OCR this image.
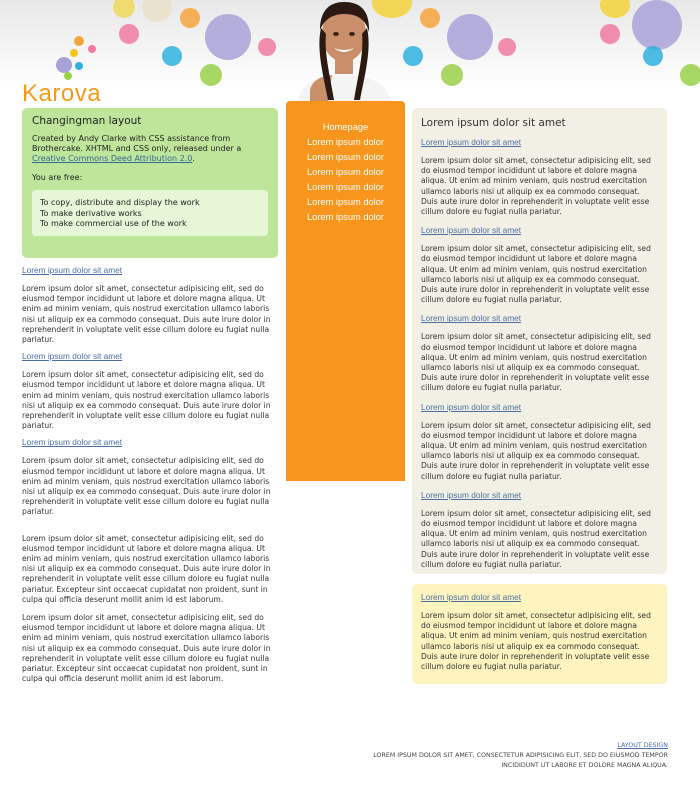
Karova
Changingman layout

Created by Andy Clarke with CSS assistance from Brothercake. XHTML and CSS only, released under a Creative Commons Deed Attribution 2.0.

You are free:

To copy, distribute and display the work
To make derivative works
To make commercial use of the work
Lorem ipsum dolor sit amet

Lorem ipsum dolor sit amet, consectetur adipisicing elit, sed do eiusmod tempor incididunt ut labore et dolore magna aliqua. Ut enim ad minim veniam, quis nostrud exercitation ullamco laboris nisi ut aliquip ex ea commodo consequat. Duis aute irure dolor in reprehenderit in voluptate velit esse cillum dolore eu fugiat nulla pariatur.

Lorem ipsum dolor sit amet

Lorem ipsum dolor sit amet, consectetur adipisicing elit, sed do eiusmod tempor incididunt ut labore et dolore magna aliqua. Ut enim ad minim veniam, quis nostrud exercitation ullamco laboris nisi ut aliquip ex ea commodo consequat. Duis aute irure dolor in reprehenderit in voluptate velit esse cillum dolore eu fugiat nulla pariatur.

Lorem ipsum dolor sit amet

Lorem ipsum dolor sit amet, consectetur adipisicing elit, sed do eiusmod tempor incididunt ut labore et dolore magna aliqua. Ut enim ad minim veniam, quis nostrud exercitation ullamco laboris nisi ut aliquip ex ea commodo consequat. Duis aute irure dolor in reprehenderit in voluptate velit esse cillum dolore eu fugiat nulla pariatur.

Lorem ipsum dolor sit amet, consectetur adipisicing elit, sed do eiusmod tempor incididunt ut labore et dolore magna aliqua. Ut enim ad minim veniam, quis nostrud exercitation ullamco laboris nisi ut aliquip ex ea commodo consequat. Duis aute irure dolor in reprehenderit in voluptate velit esse cillum dolore eu fugiat nulla pariatur. Excepteur sint occaecat cupidatat non proident, sunt in culpa qui officia deserunt mollit anim id est laborum.

Lorem ipsum dolor sit amet, consectetur adipisicing elit, sed do eiusmod tempor incididunt ut labore et dolore magna aliqua. Ut enim ad minim veniam, quis nostrud exercitation ullamco laboris nisi ut aliquip ex ea commodo consequat. Duis aute irure dolor in reprehenderit in voluptate velit esse cillum dolore eu fugiat nulla pariatur. Excepteur sint occaecat cupidatat non proident, sunt in culpa qui officia deserunt mollit anim id est laborum.

Homepage
Lorem ipsum dolor
Lorem ipsum dolor
Lorem ipsum dolor
Lorem ipsum dolor
Lorem ipsum dolor
Lorem ipsum dolor
Lorem ipsum dolor sit amet
Lorem ipsum dolor sit amet

Lorem ipsum dolor sit amet, consectetur adipisicing elit, sed do eiusmod tempor incididunt ut labore et dolore magna aliqua. Ut enim ad minim veniam, quis nostrud exercitation ullamco laboris nisi ut aliquip ex ea commodo consequat. Duis aute irure dolor in reprehenderit in voluptate velit esse cillum dolore eu fugiat nulla pariatur.

Lorem ipsum dolor sit amet

Lorem ipsum dolor sit amet, consectetur adipisicing elit, sed do eiusmod tempor incididunt ut labore et dolore magna aliqua. Ut enim ad minim veniam, quis nostrud exercitation ullamco laboris nisi ut aliquip ex ea commodo consequat. Duis aute irure dolor in reprehenderit in voluptate velit esse cillum dolore eu fugiat nulla pariatur.

Lorem ipsum dolor sit amet

Lorem ipsum dolor sit amet, consectetur adipisicing elit, sed do eiusmod tempor incididunt ut labore et dolore magna aliqua. Ut enim ad minim veniam, quis nostrud exercitation ullamco laboris nisi ut aliquip ex ea commodo consequat. Duis aute irure dolor in reprehenderit in voluptate velit esse cillum dolore eu fugiat nulla pariatur.

Lorem ipsum dolor sit amet

Lorem ipsum dolor sit amet, consectetur adipisicing elit, sed do eiusmod tempor incididunt ut labore et dolore magna aliqua. Ut enim ad minim veniam, quis nostrud exercitation ullamco laboris nisi ut aliquip ex ea commodo consequat. Duis aute irure dolor in reprehenderit in voluptate velit esse cillum dolore eu fugiat nulla pariatur.

Lorem ipsum dolor sit amet

Lorem ipsum dolor sit amet, consectetur adipisicing elit, sed do eiusmod tempor incididunt ut labore et dolore magna aliqua. Ut enim ad minim veniam, quis nostrud exercitation ullamco laboris nisi ut aliquip ex ea commodo consequat. Duis aute irure dolor in reprehenderit in voluptate velit esse cillum dolore eu fugiat nulla pariatur.

Lorem ipsum dolor sit amet

Lorem ipsum dolor sit amet, consectetur adipisicing elit, sed do eiusmod tempor incididunt ut labore et dolore magna aliqua. Ut enim ad minim veniam, quis nostrud exercitation ullamco laboris nisi ut aliquip ex ea commodo consequat. Duis aute irure dolor in reprehenderit in voluptate velit esse cillum dolore eu fugiat nulla pariatur.

LAYOUT DESIGN
LOREM IPSUM DOLOR SIT AMET, CONSECTETUR ADIPISICING ELIT, SED DO EIUSMOD TEMPOR INCIDIDUNT UT LABORE ET DOLORE MAGNA ALIQUA.
